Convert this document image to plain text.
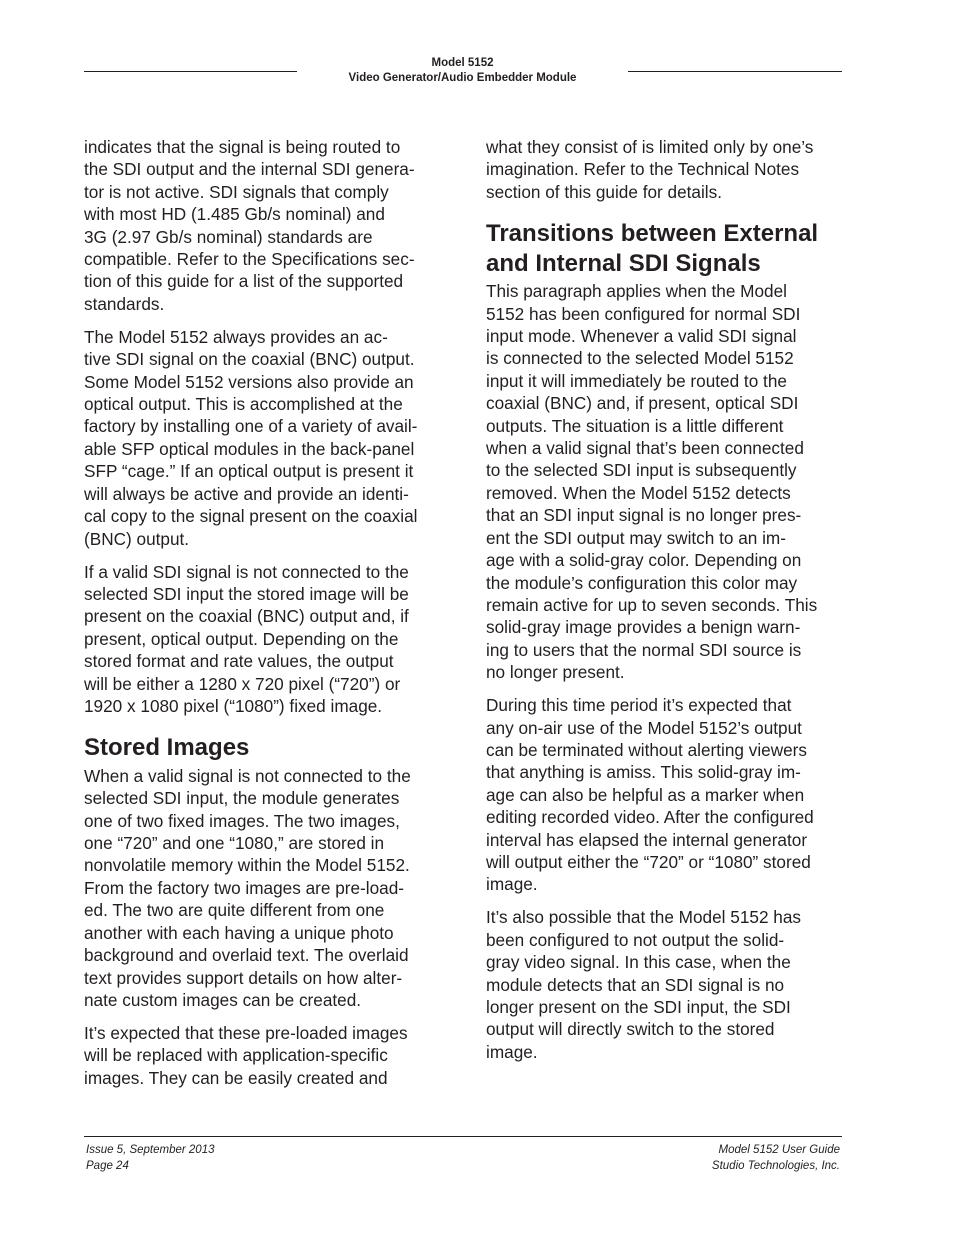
Model 5152
Video Generator/Audio Embedder Module

indicates that the signal is being routed to
the SDI output and the internal SDI genera-
tor is not active. SDI signals that comply
with most HD (1.485 Gb/s nominal) and
3G (2.97 Gb/s nominal) standards are
compatible. Refer to the Specifications sec-
tion of this guide for a list of the supported
standards.

The Model 5152 always provides an ac-
tive SDI signal on the coaxial (BNC) output.
Some Model 5152 versions also provide an
optical output. This is accomplished at the
factory by installing one of a variety of avail-
able SFP optical modules in the back-panel
SFP “cage.” If an optical output is present it
will always be active and provide an identi-
cal copy to the signal present on the coaxial
(BNC) output.

If a valid SDI signal is not connected to the
selected SDI input the stored image will be
present on the coaxial (BNC) output and, if
present, optical output. Depending on the
stored format and rate values, the output
will be either a 1280 x 720 pixel (“720”) or
1920 x 1080 pixel (“1080”) fixed image.

Stored Images

When a valid signal is not connected to the
selected SDI input, the module generates
one of two fixed images. The two images,
one “720” and one “1080,” are stored in
nonvolatile memory within the Model 5152.
From the factory two images are pre-load-
ed. The two are quite different from one
another with each having a unique photo
background and overlaid text. The overlaid
text provides support details on how alter-
nate custom images can be created.

It’s expected that these pre-loaded images
will be replaced with application-specific
images. They can be easily created and

what they consist of is limited only by one’s
imagination. Refer to the Technical Notes
section of this guide for details.

Transitions between External
and Internal SDI Signals

This paragraph applies when the Model
5152 has been configured for normal SDI
input mode. Whenever a valid SDI signal
is connected to the selected Model 5152
input it will immediately be routed to the
coaxial (BNC) and, if present, optical SDI
outputs. The situation is a little different
when a valid signal that’s been connected
to the selected SDI input is subsequently
removed. When the Model 5152 detects
that an SDI input signal is no longer pres-
ent the SDI output may switch to an im-
age with a solid-gray color. Depending on
the module’s configuration this color may
remain active for up to seven seconds. This
solid-gray image provides a benign warn-
ing to users that the normal SDI source is
no longer present.

During this time period it’s expected that
any on-air use of the Model 5152’s output
can be terminated without alerting viewers
that anything is amiss. This solid-gray im-
age can also be helpful as a marker when
editing recorded video. After the configured
interval has elapsed the internal generator
will output either the “720” or “1080” stored
image.

It’s also possible that the Model 5152 has
been configured to not output the solid-
gray video signal. In this case, when the
module detects that an SDI signal is no
longer present on the SDI input, the SDI
output will directly switch to the stored
image.

Issue 5, September 2013
Page 24
Model 5152 User Guide
Studio Technologies, Inc.
